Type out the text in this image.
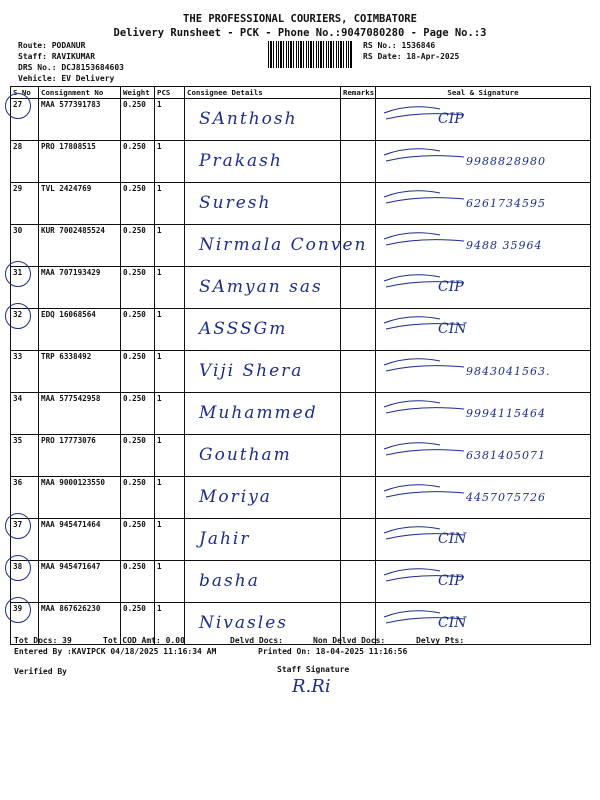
THE PROFESSIONAL COURIERS, COIMBATORE
Delivery Runsheet - PCK - Phone No.:9047080280 - Page No.:3
Route: PODANUR
Staff: RAVIKUMAR
DRS No.: DCJ815368460З
Vehicle: EV Delivery
RS No.: 1536846
RS Date: 18-Apr-2025
S No	Consignment No	Weight	PCS	Consignee Details	Remarks	Seal & Signature

27	MAA 577391783	0.250	1	SAnthosh		CIP

28	PRO 17808515	0.250	1	Prakash		9988828980

29	TVL 2424769	0.250	1	Suresh		6261734595

30	KUR 7002485524	0.250	1	Nirmala Conven		9488 35964

31	MAA 707193429	0.250	1	SAmyan sas		CIP

32	EDQ 16068564	0.250	1	ASSSGm		CIN

33	TRP 6338492	0.250	1	Viji Shera		9843041563.

34	MAA 577542958	0.250	1	Muhammed		9994115464

35	PRO 17773076	0.250	1	Goutham		6381405071

36	MAA 9000123550	0.250	1	Moriya		4457075726

37	MAA 945471464	0.250	1	Jahir		CIN

38	MAA 945471647	0.250	1	basha		CIP

39	MAA 867626230	0.250	1	Nivasles		CIN
Tot Docs: 39	Tot COD Amt: 0.00	Delvd Docs:	Non Delvd Docs:	Delvy Pts:
Entered By :KAVIPCK 04/18/2025 11:16:34 AM	Printed On: 18-04-2025 11:16:56
Verified By	Staff Signature
R.Ri
